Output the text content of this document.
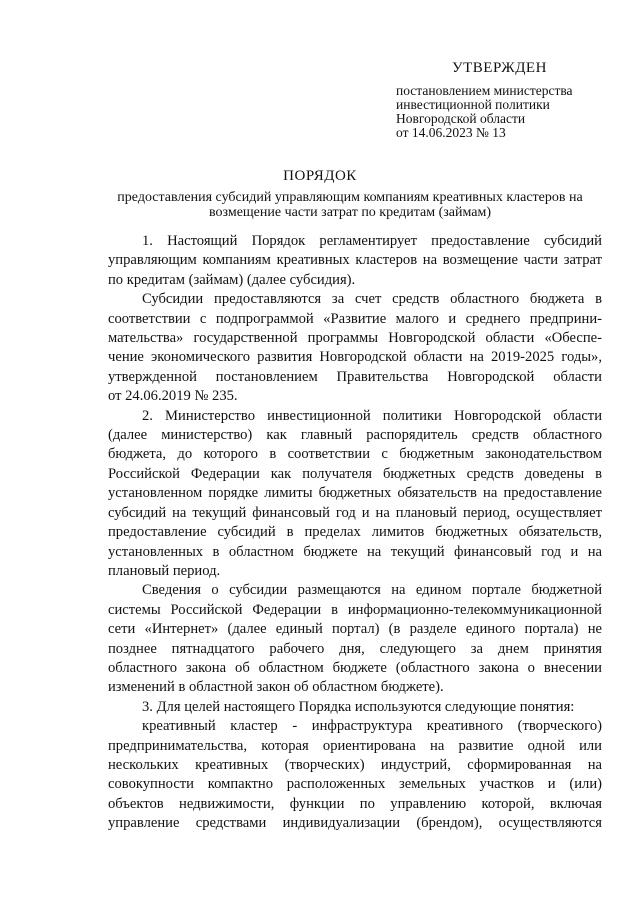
УТВЕРЖДЕН
постановлением министерства
инвестиционной политики
Новгородской области
от 14.06.2023 № 13
ПОРЯДОК
предоставления субсидий управляющим компаниям креативных кластеров на
возмещение части затрат по кредитам (займам)
1. Настоящий Порядок регламентирует предоставление субсидий
управляющим компаниям креативных кластеров на возмещение части затрат
по кредитам (займам) (далее субсидия).
Субсидии предоставляются за счет средств областного бюджета в
соответствии с подпрограммой «Развитие малого и среднего предприни-
мательства» государственной программы Новгородской области «Обеспе-
чение экономического развития Новгородской области на 2019-2025 годы»,
утвержденной постановлением Правительства Новгородской области
от 24.06.2019 № 235.
2. Министерство инвестиционной политики Новгородской области
(далее министерство) как главный распорядитель средств областного
бюджета, до которого в соответствии с бюджетным законодательством
Российской Федерации как получателя бюджетных средств доведены в
установленном порядке лимиты бюджетных обязательств на предоставление
субсидий на текущий финансовый год и на плановый период, осуществляет
предоставление субсидий в пределах лимитов бюджетных обязательств,
установленных в областном бюджете на текущий финансовый год и на
плановый период.
Сведения о субсидии размещаются на едином портале бюджетной
системы Российской Федерации в информационно-телекоммуникационной
сети «Интернет» (далее единый портал) (в разделе единого портала) не
позднее пятнадцатого рабочего дня, следующего за днем принятия
областного закона об областном бюджете (областного закона о внесении
изменений в областной закон об областном бюджете).
3. Для целей настоящего Порядка используются следующие понятия:
креативный кластер - инфраструктура креативного (творческого)
предпринимательства, которая ориентирована на развитие одной или
нескольких креативных (творческих) индустрий, сформированная на
совокупности компактно расположенных земельных участков и (или)
объектов недвижимости, функции по управлению которой, включая
управление средствами индивидуализации (брендом), осуществляются
